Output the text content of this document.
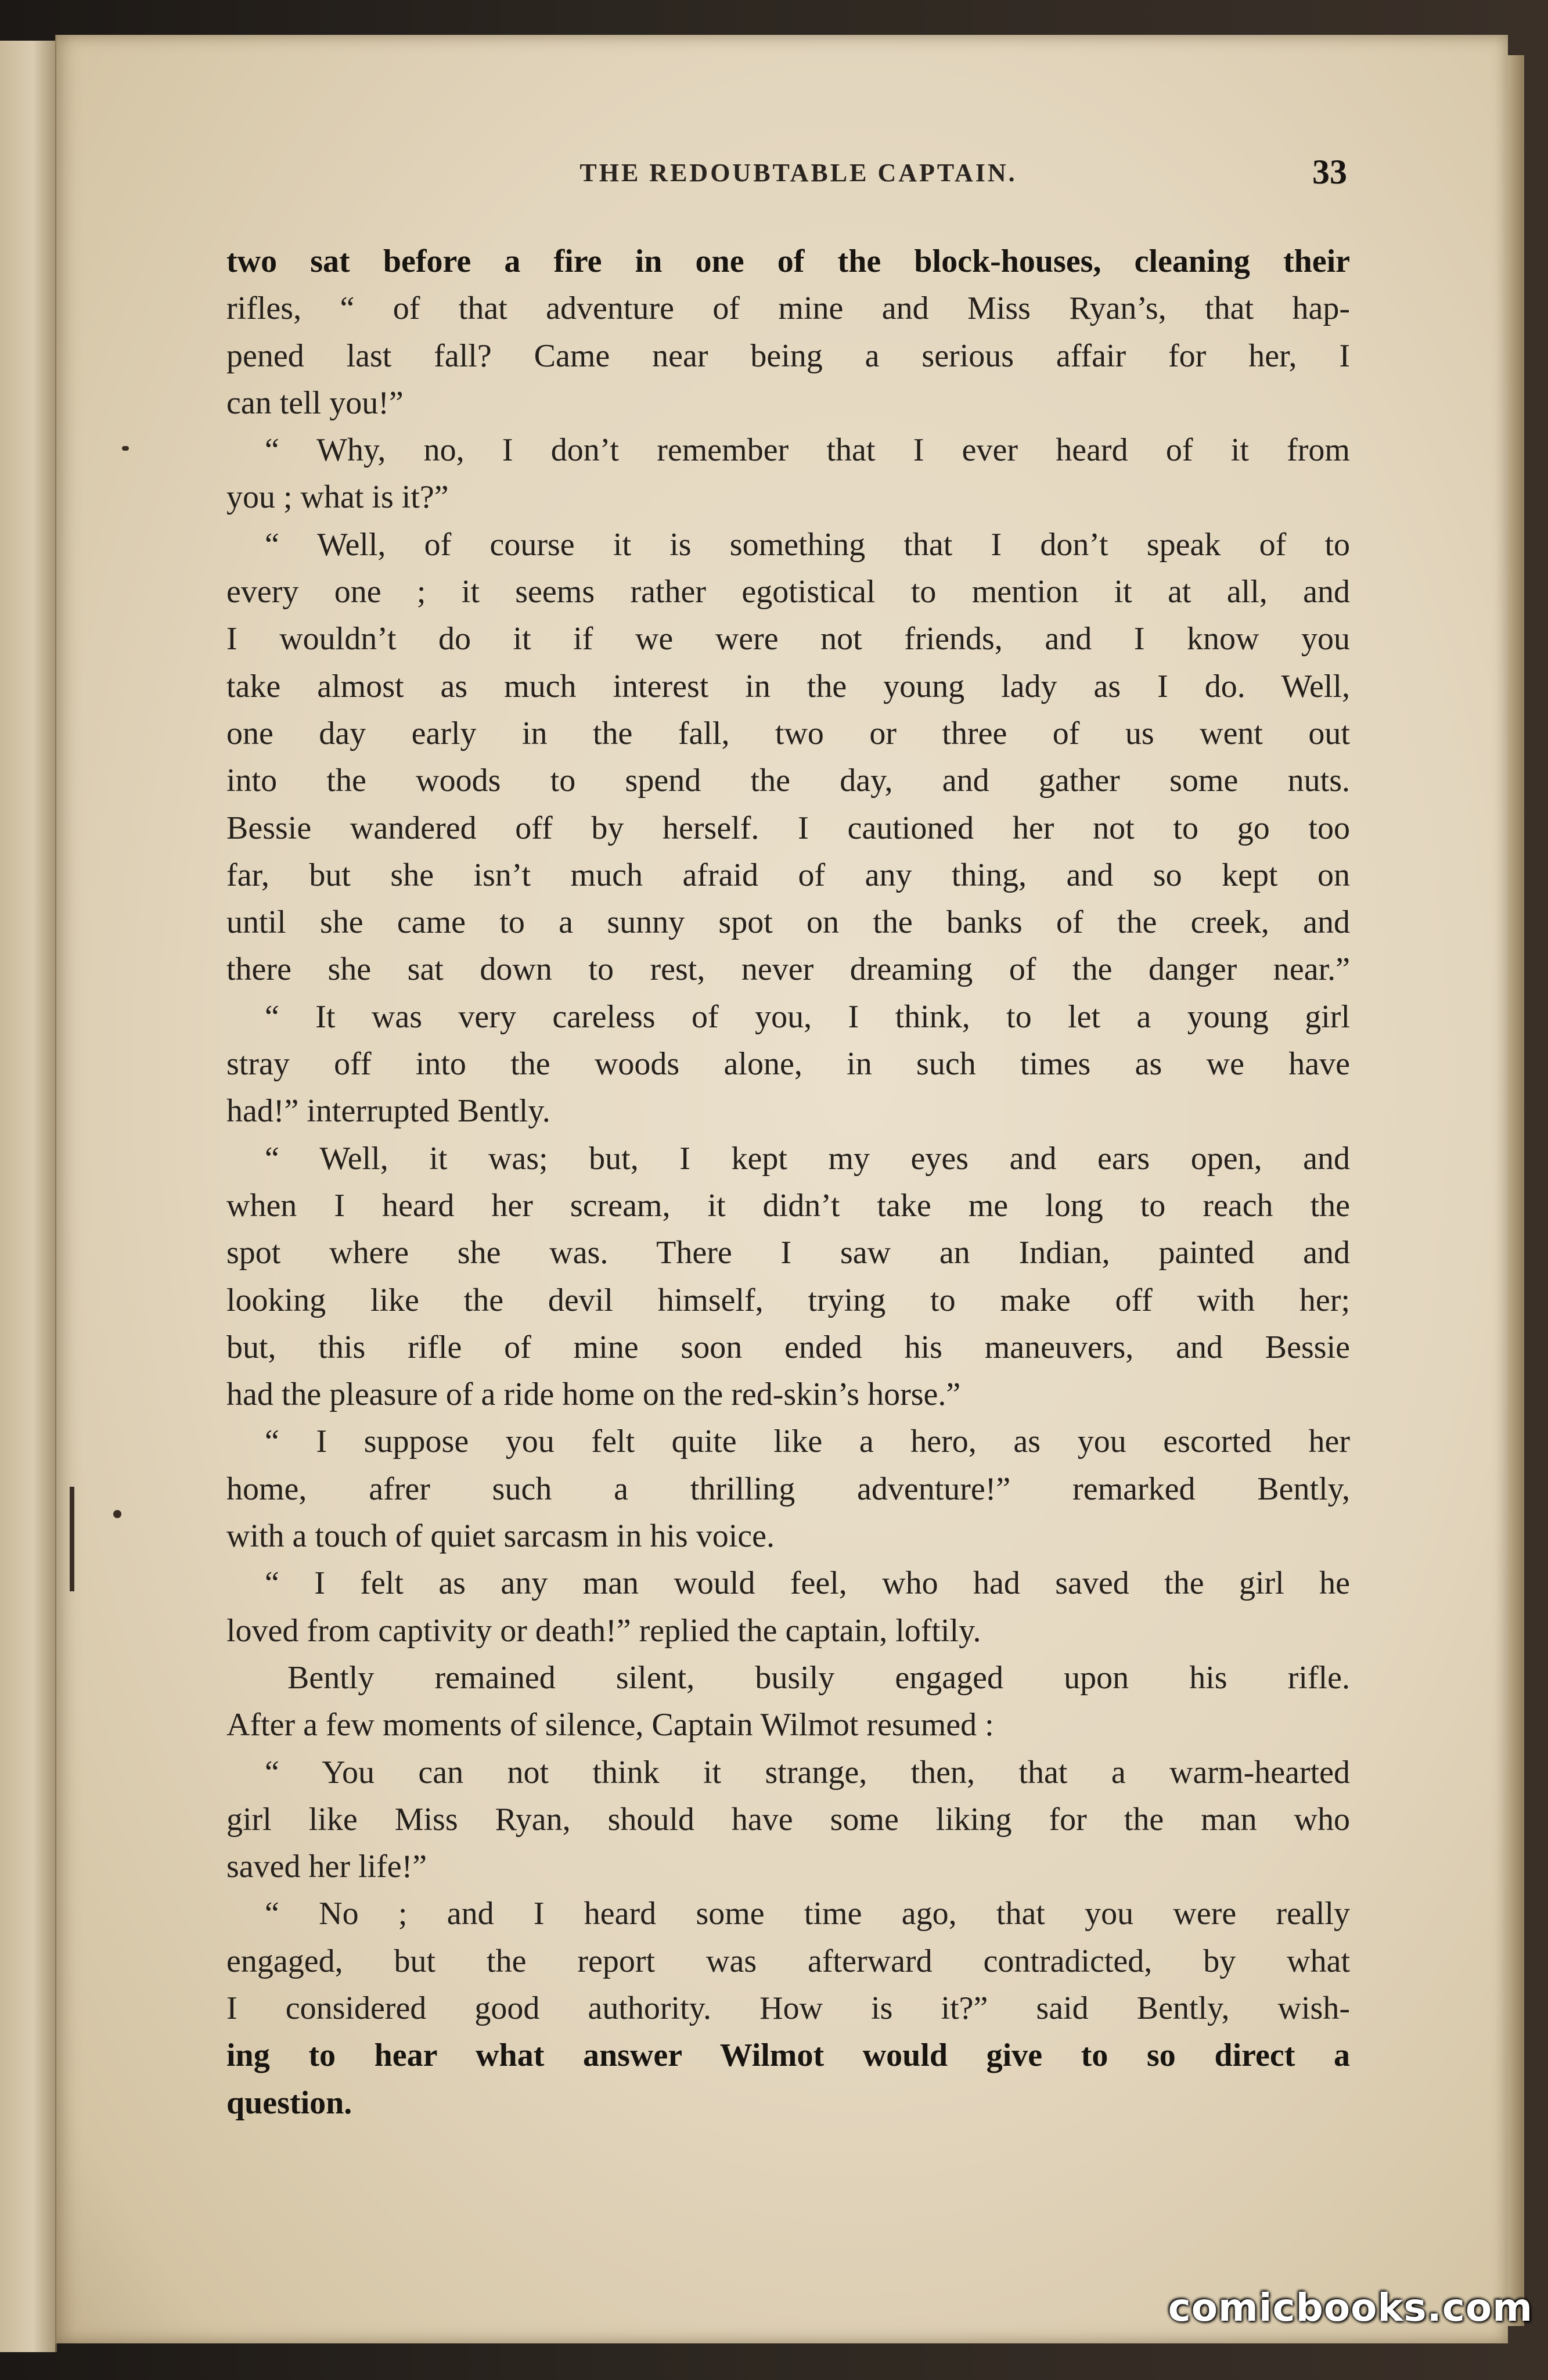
THE REDOUBTABLE CAPTAIN.	33
two sat before a fire in one of the block-houses, cleaning their
rifles, “ of that adventure of mine and Miss Ryan’s, that hap-
pened last fall? Came near being a serious affair for her, I
can tell you!”
“ Why, no, I don’t remember that I ever heard of it from
you ; what is it?”
“ Well, of course it is something that I don’t speak of to
every one ; it seems rather egotistical to mention it at all, and
I wouldn’t do it if we were not friends, and I know you
take almost as much interest in the young lady as I do. Well,
one day early in the fall, two or three of us went out
into the woods to spend the day, and gather some nuts.
Bessie wandered off by herself. I cautioned her not to go too
far, but she isn’t much afraid of any thing, and so kept on
until she came to a sunny spot on the banks of the creek, and
there she sat down to rest, never dreaming of the danger near.”
“ It was very careless of you, I think, to let a young girl
stray off into the woods alone, in such times as we have
had!” interrupted Bently.
“ Well, it was; but, I kept my eyes and ears open, and
when I heard her scream, it didn’t take me long to reach the
spot where she was. There I saw an Indian, painted and
looking like the devil himself, trying to make off with her;
but, this rifle of mine soon ended his maneuvers, and Bessie
had the pleasure of a ride home on the red-skin’s horse.”
“ I suppose you felt quite like a hero, as you escorted her
home, afrer such a thrilling adventure!” remarked Bently,
with a touch of quiet sarcasm in his voice.
“ I felt as any man would feel, who had saved the girl he
loved from captivity or death!” replied the captain, loftily.
Bently remained silent, busily engaged upon his rifle.
After a few moments of silence, Captain Wilmot resumed :
“ You can not think it strange, then, that a warm-hearted
girl like Miss Ryan, should have some liking for the man who
saved her life!”
“ No ; and I heard some time ago, that you were really
engaged, but the report was afterward contradicted, by what
I considered good authority. How is it?” said Bently, wish-
ing to hear what answer Wilmot would give to so direct a
question.
comicbooks.com
